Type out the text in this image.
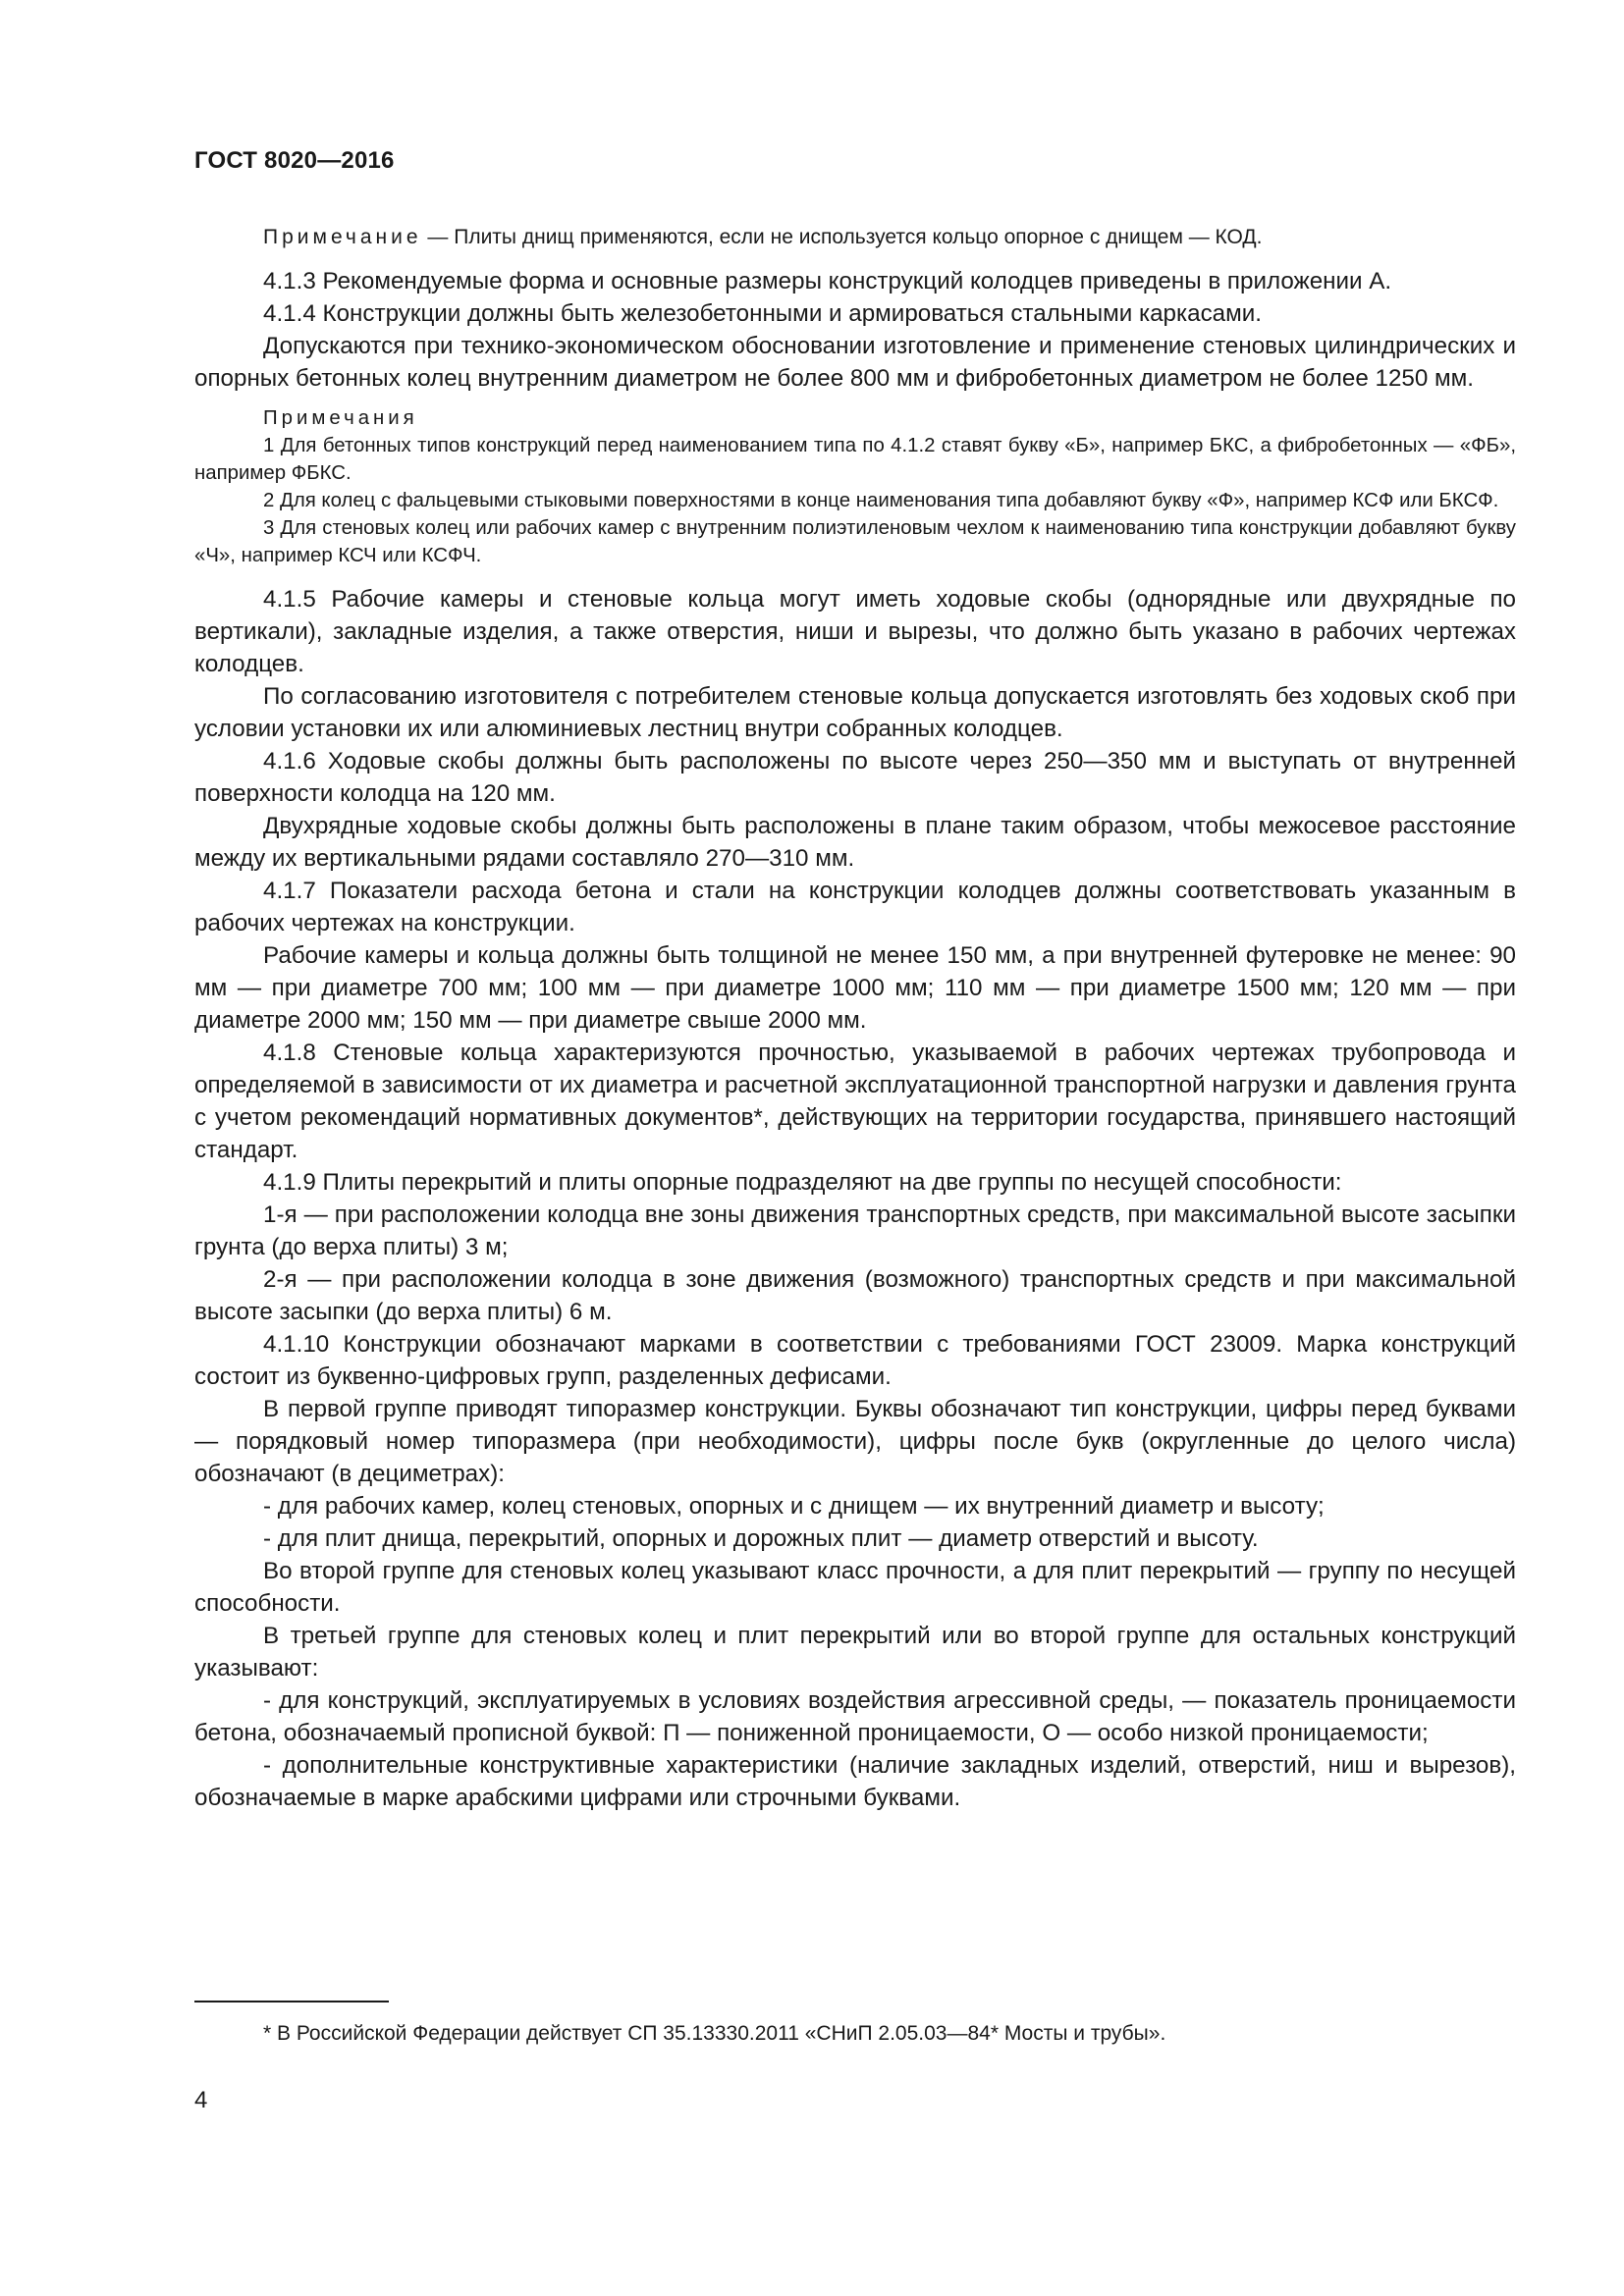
ГОСТ 8020—2016
Примечание — Плиты днищ применяются, если не используется кольцо опорное с днищем — КОД.

4.1.3 Рекомендуемые форма и основные размеры конструкций колодцев приведены в приложении А.

4.1.4 Конструкции должны быть железобетонными и армироваться стальными каркасами.

Допускаются при технико-экономическом обосновании изготовление и применение стеновых цилиндрических и опорных бетонных колец внутренним диаметром не более 800 мм и фибробетонных диаметром не более 1250 мм.

Примечания

1 Для бетонных типов конструкций перед наименованием типа по 4.1.2 ставят букву «Б», например БКС, а фибробетонных — «ФБ», например ФБКС.

2 Для колец с фальцевыми стыковыми поверхностями в конце наименования типа добавляют букву «Ф», например КСФ или БКСФ.

3 Для стеновых колец или рабочих камер с внутренним полиэтиленовым чехлом к наименованию типа конструкции добавляют букву «Ч», например КСЧ или КСФЧ.

4.1.5 Рабочие камеры и стеновые кольца могут иметь ходовые скобы (однорядные или двухрядные по вертикали), закладные изделия, а также отверстия, ниши и вырезы, что должно быть указано в рабочих чертежах колодцев.

По согласованию изготовителя с потребителем стеновые кольца допускается изготовлять без ходовых скоб при условии установки их или алюминиевых лестниц внутри собранных колодцев.

4.1.6 Ходовые скобы должны быть расположены по высоте через 250—350 мм и выступать от внутренней поверхности колодца на 120 мм.

Двухрядные ходовые скобы должны быть расположены в плане таким образом, чтобы межосевое расстояние между их вертикальными рядами составляло 270—310 мм.

4.1.7 Показатели расхода бетона и стали на конструкции колодцев должны соответствовать указанным в рабочих чертежах на конструкции.

Рабочие камеры и кольца должны быть толщиной не менее 150 мм, а при внутренней футеровке не менее: 90 мм — при диаметре 700 мм; 100 мм — при диаметре 1000 мм; 110 мм — при диаметре 1500 мм; 120 мм — при диаметре 2000 мм; 150 мм — при диаметре свыше 2000 мм.

4.1.8 Стеновые кольца характеризуются прочностью, указываемой в рабочих чертежах трубопровода и определяемой в зависимости от их диаметра и расчетной эксплуатационной транспортной нагрузки и давления грунта с учетом рекомендаций нормативных документов*, действующих на территории государства, принявшего настоящий стандарт.

4.1.9 Плиты перекрытий и плиты опорные подразделяют на две группы по несущей способности:

1-я — при расположении колодца вне зоны движения транспортных средств, при максимальной высоте засыпки грунта (до верха плиты) 3 м;

2-я — при расположении колодца в зоне движения (возможного) транспортных средств и при максимальной высоте засыпки (до верха плиты) 6 м.

4.1.10 Конструкции обозначают марками в соответствии с требованиями ГОСТ 23009. Марка конструкций состоит из буквенно-цифровых групп, разделенных дефисами.

В первой группе приводят типоразмер конструкции. Буквы обозначают тип конструкции, цифры перед буквами — порядковый номер типоразмера (при необходимости), цифры после букв (округленные до целого числа) обозначают (в дециметрах):

- для рабочих камер, колец стеновых, опорных и с днищем — их внутренний диаметр и высоту;

- для плит днища, перекрытий, опорных и дорожных плит — диаметр отверстий и высоту.

Во второй группе для стеновых колец указывают класс прочности, а для плит перекрытий — группу по несущей способности.

В третьей группе для стеновых колец и плит перекрытий или во второй группе для остальных конструкций указывают:

- для конструкций, эксплуатируемых в условиях воздействия агрессивной среды, — показатель проницаемости бетона, обозначаемый прописной буквой: П — пониженной проницаемости, О — особо низкой проницаемости;

- дополнительные конструктивные характеристики (наличие закладных изделий, отверстий, ниш и вырезов), обозначаемые в марке арабскими цифрами или строчными буквами.

* В Российской Федерации действует СП 35.13330.2011 «СНиП 2.05.03—84* Мосты и трубы».
4
